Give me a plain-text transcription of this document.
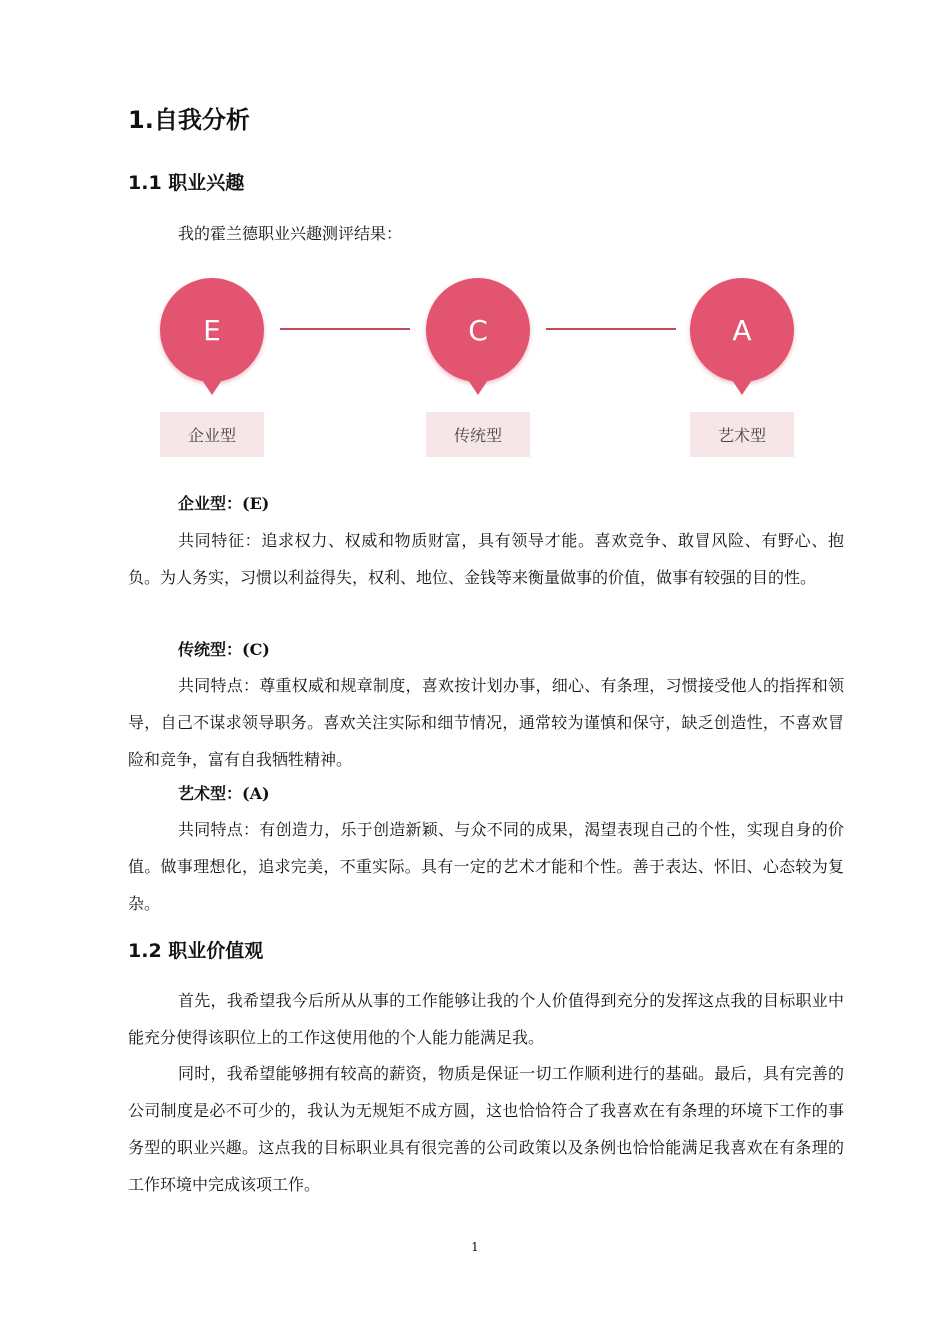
1.自我分析
1.1 职业兴趣
我的霍兰德职业兴趣测评结果：
E
企业型
C
传统型
A
艺术型
企业型：(E)

共同特征：追求权力、权威和物质财富，具有领导才能。喜欢竞争、敢冒风险、有野心、抱负。为人务实，习惯以利益得失，权利、地位、金钱等来衡量做事的价值，做事有较强的目的性。

传统型：(C)

共同特点：尊重权威和规章制度，喜欢按计划办事，细心、有条理，习惯接受他人的指挥和领导，自己不谋求领导职务。喜欢关注实际和细节情况，通常较为谨慎和保守，缺乏创造性，不喜欢冒险和竞争，富有自我牺牲精神。

艺术型：(A)

共同特点：有创造力，乐于创造新颖、与众不同的成果，渴望表现自己的个性，实现自身的价值。做事理想化，追求完美，不重实际。具有一定的艺术才能和个性。善于表达、怀旧、心态较为复杂。

1.2 职业价值观

首先，我希望我今后所从从事的工作能够让我的个人价值得到充分的发挥这点我的目标职业中能充分使得该职位上的工作这使用他的个人能力能满足我。

同时，我希望能够拥有较高的薪资，物质是保证一切工作顺利进行的基础。最后，具有完善的公司制度是必不可少的，我认为无规矩不成方圆，这也恰恰符合了我喜欢在有条理的环境下工作的事务型的职业兴趣。这点我的目标职业具有很完善的公司政策以及条例也恰恰能满足我喜欢在有条理的工作环境中完成该项工作。

1
